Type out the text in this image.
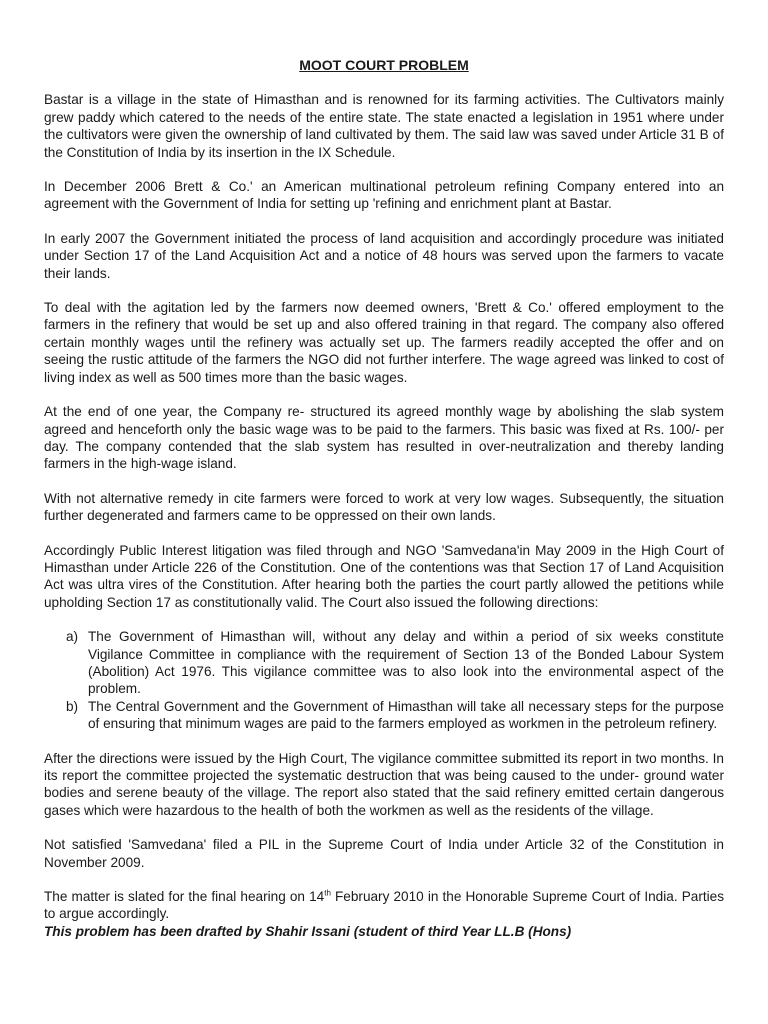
MOOT COURT PROBLEM

Bastar is a village in the state of Himasthan and is renowned for its farming activities. The Cultivators mainly grew paddy which catered to the needs of the entire state. The state enacted a legislation in 1951 where under the cultivators were given the ownership of land cultivated by them. The said law was saved under Article 31 B of the Constitution of India by its insertion in the IX Schedule.

In December 2006 Brett & Co.' an American multinational petroleum refining Company entered into an agreement with the Government of India for setting up 'refining and enrichment plant at Bastar.

In early 2007 the Government initiated the process of land acquisition and accordingly procedure was initiated under Section 17 of the Land Acquisition Act and a notice of 48 hours was served upon the farmers to vacate their lands.

To deal with the agitation led by the farmers now deemed owners, 'Brett & Co.' offered employment to the farmers in the refinery that would be set up and also offered training in that regard. The company also offered certain monthly wages until the refinery was actually set up. The farmers readily accepted the offer and on seeing the rustic attitude of the farmers the NGO did not further interfere. The wage agreed was linked to cost of living index as well as 500 times more than the basic wages.

At the end of one year, the Company re- structured its agreed monthly wage by abolishing the slab system agreed and henceforth only the basic wage was to be paid to the farmers. This basic was fixed at Rs. 100/- per day. The company contended that the slab system has resulted in over-neutralization and thereby landing farmers in the high-wage island.

With not alternative remedy in cite farmers were forced to work at very low wages. Subsequently, the situation further degenerated and farmers came to be oppressed on their own lands.

Accordingly Public Interest litigation was filed through and NGO 'Samvedana'in May 2009 in the High Court of Himasthan under Article 226 of the Constitution. One of the contentions was that Section 17 of Land Acquisition Act was ultra vires of the Constitution. After hearing both the parties the court partly allowed the petitions while upholding Section 17 as constitutionally valid. The Court also issued the following directions:

a) The Government of Himasthan will, without any delay and within a period of six weeks constitute Vigilance Committee in compliance with the requirement of Section 13 of the Bonded Labour System (Abolition) Act 1976. This vigilance committee was to also look into the environmental aspect of the problem.
b) The Central Government and the Government of Himasthan will take all necessary steps for the purpose of ensuring that minimum wages are paid to the farmers employed as workmen in the petroleum refinery.

After the directions were issued by the High Court, The vigilance committee submitted its report in two months. In its report the committee projected the systematic destruction that was being caused to the under- ground water bodies and serene beauty of the village. The report also stated that the said refinery emitted certain dangerous gases which were hazardous to the health of both the workmen as well as the residents of the village.

Not satisfied 'Samvedana' filed a PIL in the Supreme Court of India under Article 32 of the Constitution in November 2009.

The matter is slated for the final hearing on 14th February 2010 in the Honorable Supreme Court of India. Parties to argue accordingly.

This problem has been drafted by Shahir Issani (student of third Year LL.B (Hons)
